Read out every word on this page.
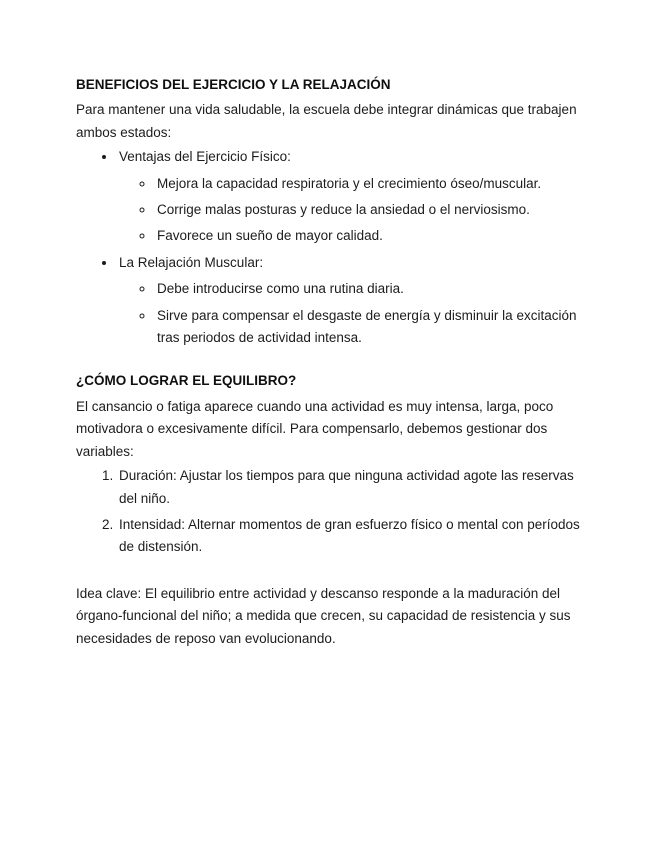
BENEFICIOS DEL EJERCICIO Y LA RELAJACIÓN

Para mantener una vida saludable, la escuela debe integrar dinámicas que trabajen ambos estados:

• Ventajas del Ejercicio Físico:
◦ Mejora la capacidad respiratoria y el crecimiento óseo/muscular.
◦ Corrige malas posturas y reduce la ansiedad o el nerviosismo.
◦ Favorece un sueño de mayor calidad.
• La Relajación Muscular:
◦ Debe introducirse como una rutina diaria.
◦ Sirve para compensar el desgaste de energía y disminuir la excitación tras periodos de actividad intensa.
¿CÓMO LOGRAR EL EQUILIBRO?

El cansancio o fatiga aparece cuando una actividad es muy intensa, larga, poco motivadora o excesivamente difícil. Para compensarlo, debemos gestionar dos variables:

1. Duración: Ajustar los tiempos para que ninguna actividad agote las reservas del niño.
2. Intensidad: Alternar momentos de gran esfuerzo físico o mental con períodos de distensión.

Idea clave: El equilibrio entre actividad y descanso responde a la maduración del órgano-funcional del niño; a medida que crecen, su capacidad de resistencia y sus necesidades de reposo van evolucionando.
